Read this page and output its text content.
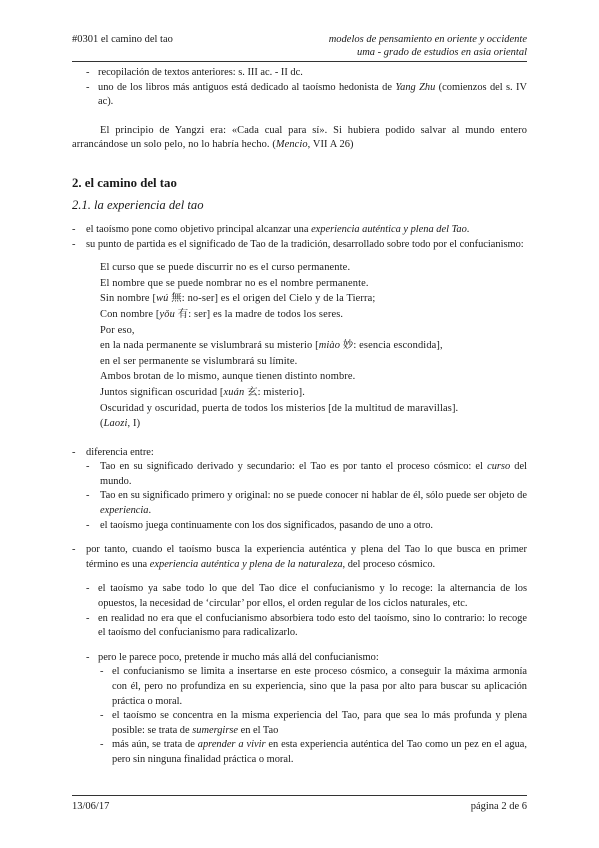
#0301 el camino del tao	modelos de pensamiento en oriente y occidente
uma - grado de estudios en asia oriental
- recopilación de textos anteriores: s. III ac. - II dc.
- uno de los libros más antiguos está dedicado al taoísmo hedonista de Yang Zhu (comienzos del s. IV ac).
El principio de Yangzi era: «Cada cual para sí». Si hubiera podido salvar al mundo entero arrancándose un solo pelo, no lo habría hecho. (Mencio, VII A 26)
2. el camino del tao
2.1. la experiencia del tao
- el taoísmo pone como objetivo principal alcanzar una experiencia auténtica y plena del Tao.
- su punto de partida es el significado de Tao de la tradición, desarrollado sobre todo por el confucianismo:
El curso que se puede discurrir no es el curso permanente.
El nombre que se puede nombrar no es el nombre permanente.
Sin nombre [wú 無: no-ser] es el origen del Cielo y de la Tierra;
Con nombre [yǒu 有: ser] es la madre de todos los seres.
Por eso,
en la nada permanente se vislumbrará su misterio [miào 妙: esencia escondida],
en el ser permanente se vislumbrará su límite.
Ambos brotan de lo mismo, aunque tienen distinto nombre.
Juntos significan oscuridad [xuán 玄: misterio].
Oscuridad y oscuridad, puerta de todos los misterios [de la multitud de maravillas].
(Laozi, I)
- diferencia entre:
- Tao en su significado derivado y secundario: el Tao es por tanto el proceso cósmico: el curso del mundo.
- Tao en su significado primero y original: no se puede conocer ni hablar de él, sólo puede ser objeto de experiencia.
- el taoísmo juega continuamente con los dos significados, pasando de uno a otro.
- por tanto, cuando el taoísmo busca la experiencia auténtica y plena del Tao lo que busca en primer término es una experiencia auténtica y plena de la naturaleza, del proceso cósmico.
- el taoísmo ya sabe todo lo que del Tao dice el confucianismo y lo recoge: la alternancia de los opuestos, la necesidad de ‘circular’ por ellos, el orden regular de los ciclos naturales, etc.
- en realidad no era que el confucianismo absorbiera todo esto del taoísmo, sino lo contrario: lo recoge el taoísmo del confucianismo para radicalizarlo.
- pero le parece poco, pretende ir mucho más allá del confucianismo:
- el confucianismo se limita a insertarse en este proceso cósmico, a conseguir la máxima armonía con él, pero no profundiza en su experiencia, sino que la pasa por alto para buscar su aplicación práctica o moral.
- el taoísmo se concentra en la misma experiencia del Tao, para que sea lo más profunda y plena posible: se trata de sumergirse en el Tao
- más aún, se trata de aprender a vivir en esta experiencia auténtica del Tao como un pez en el agua, pero sin ninguna finalidad práctica o moral.
13/06/17	página 2 de 6
